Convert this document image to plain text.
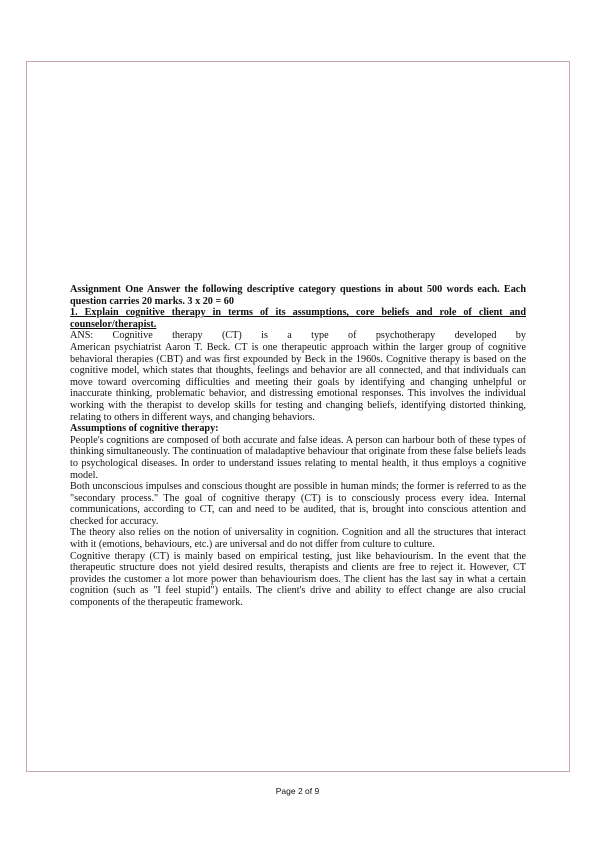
Assignment One Answer the following descriptive category questions in about 500 words each. Each question carries 20 marks. 3 x 20 = 60

1. Explain cognitive therapy in terms of its assumptions, core beliefs and role of client and counselor/therapist.

ANS: Cognitive therapy (CT) is a type of psychotherapy developed by

American psychiatrist Aaron T. Beck. CT is one therapeutic approach within the larger group of cognitive behavioral therapies (CBT) and was first expounded by Beck in the 1960s. Cognitive therapy is based on the cognitive model, which states that thoughts, feelings and behavior are all connected, and that individuals can move toward overcoming difficulties and meeting their goals by identifying and changing unhelpful or inaccurate thinking, problematic behavior, and distressing emotional responses. This involves the individual working with the therapist to develop skills for testing and changing beliefs, identifying distorted thinking, relating to others in different ways, and changing behaviors.

Assumptions of cognitive therapy:

People's cognitions are composed of both accurate and false ideas. A person can harbour both of these types of thinking simultaneously. The continuation of maladaptive behaviour that originate from these false beliefs leads to psychological diseases. In order to understand issues relating to mental health, it thus employs a cognitive model.

Both unconscious impulses and conscious thought are possible in human minds; the former is referred to as the "secondary process." The goal of cognitive therapy (CT) is to consciously process every idea. Internal communications, according to CT, can and need to be audited, that is, brought into conscious attention and checked for accuracy.

The theory also relies on the notion of universality in cognition. Cognition and all the structures that interact with it (emotions, behaviours, etc.) are universal and do not differ from culture to culture.

Cognitive therapy (CT) is mainly based on empirical testing, just like behaviourism. In the event that the therapeutic structure does not yield desired results, therapists and clients are free to reject it. However, CT provides the customer a lot more power than behaviourism does. The client has the last say in what a certain cognition (such as "I feel stupid") entails. The client's drive and ability to effect change are also crucial components of the therapeutic framework.

Page 2 of 9
